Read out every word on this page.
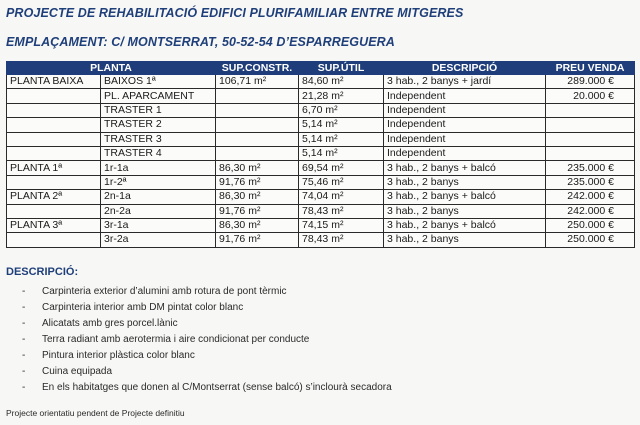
PROJECTE DE REHABILITACIÓ EDIFICI PLURIFAMILIAR ENTRE MITGERES
EMPLAÇAMENT: C/ MONTSERRAT, 50-52-54 D’ESPARREGUERA
PLANTA		SUP.CONSTR.	SUP.ÚTIL	DESCRIPCIÓ	PREU VENDA
PLANTA BAIXA	BAIXOS 1ª	106,71 m²	84,60 m²	3 hab., 2 banys + jardí	289.000 €
	PL. APARCAMENT		21,28 m²	Independent	20.000 €
	TRASTER 1		6,70 m²	Independent	
	TRASTER 2		5,14 m²	Independent	
	TRASTER 3		5,14 m²	Independent	
	TRASTER 4		5,14 m²	Independent	
PLANTA 1ª	1r-1a	86,30 m²	69,54 m²	3 hab., 2 banys + balcó	235.000 €
	1r-2ª	91,76 m²	75,46 m²	3 hab., 2 banys	235.000 €
PLANTA 2ª	2n-1a	86,30 m²	74,04 m²	3 hab., 2 banys + balcó	242.000 €
	2n-2a	91,76 m²	78,43 m²	3 hab., 2 banys	242.000 €
PLANTA 3ª	3r-1a	86,30 m²	74,15 m²	3 hab., 2 banys + balcó	250.000 €
	3r-2a	91,76 m²	78,43 m²	3 hab., 2 banys	250.000 €
DESCRIPCIÓ:
- Carpinteria exterior d’alumini amb rotura de pont tèrmic
- Carpinteria interior amb DM pintat color blanc
- Alicatats amb gres porcel.lànic
- Terra radiant amb aerotermia i aire condicionat per conducte
- Pintura interior plàstica color blanc
- Cuina equipada
- En els habitatges que donen al C/Montserrat (sense balcó) s’inclourà secadora
Projecte orientatiu pendent de Projecte definitiu
